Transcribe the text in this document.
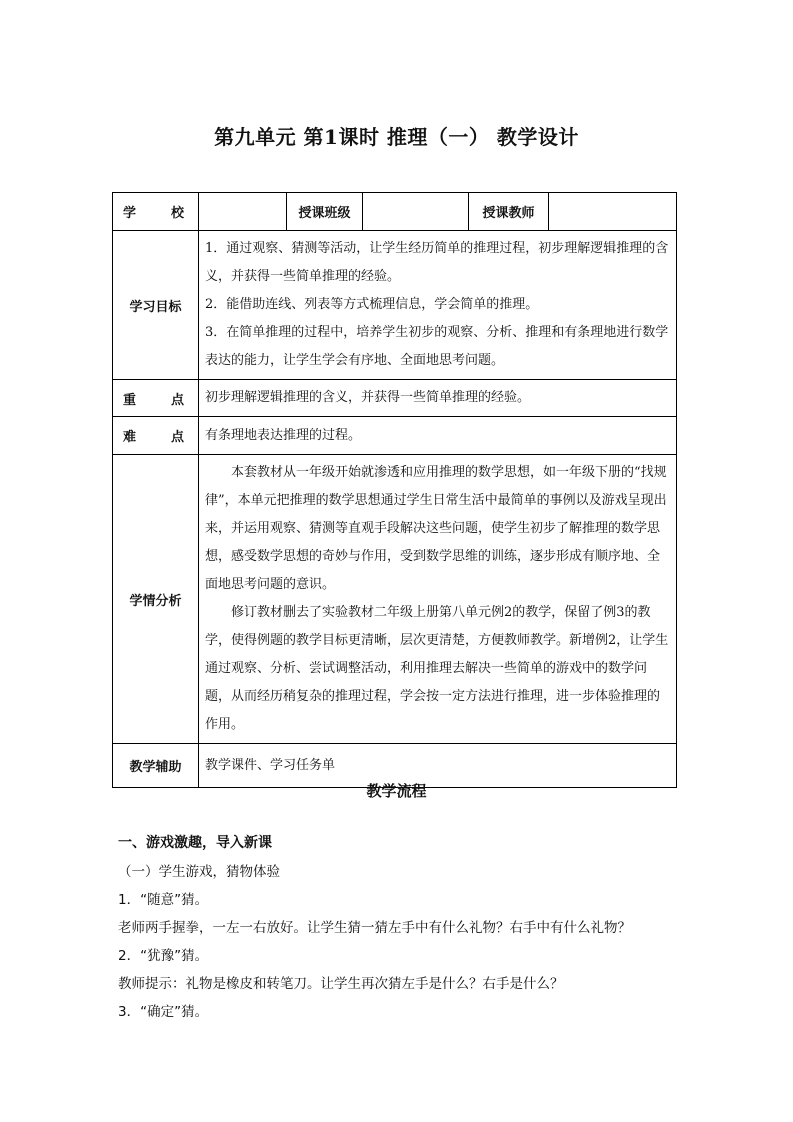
第九单元 第1课时 推理（一） 教学设计
学 校		授课班级		授课教师	
学习目标	1．通过观察、猜测等活动，让学生经历简单的推理过程，初步理解逻辑推理的含义，并获得一些简单推理的经验。

2．能借助连线、列表等方式梳理信息，学会简单的推理。

3．在简单推理的过程中，培养学生初步的观察、分析、推理和有条理地进行数学表达的能力，让学生学会有序地、全面地思考问题。				

重 点	初步理解逻辑推理的含义，并获得一些简单推理的经验。				

难 点	有条理地表达推理的过程。				
学情分析	本套教材从一年级开始就渗透和应用推理的数学思想，如一年级下册的“找规律”，本单元把推理的数学思想通过学生日常生活中最简单的事例以及游戏呈现出来，并运用观察、猜测等直观手段解决这些问题，使学生初步了解推理的数学思想，感受数学思想的奇妙与作用，受到数学思维的训练，逐步形成有顺序地、全面地思考问题的意识。

修订教材删去了实验教材二年级上册第八单元例2的教学，保留了例3的教学，使得例题的教学目标更清晰，层次更清楚，方便教师教学。新增例2，让学生通过观察、分析、尝试调整活动，利用推理去解决一些简单的游戏中的数学问题，从而经历稍复杂的推理过程，学会按一定方法进行推理，进一步体验推理的作用。				

教学辅助	教学课件、学习任务单				
教学流程

一、游戏激趣，导入新课

（一）学生游戏，猜物体验

1．“随意”猜。

老师两手握拳，一左一右放好。让学生猜一猜左手中有什么礼物？右手中有什么礼物？

2．“犹豫”猜。

教师提示：礼物是橡皮和转笔刀。让学生再次猜左手是什么？右手是什么？

3．“确定”猜。
